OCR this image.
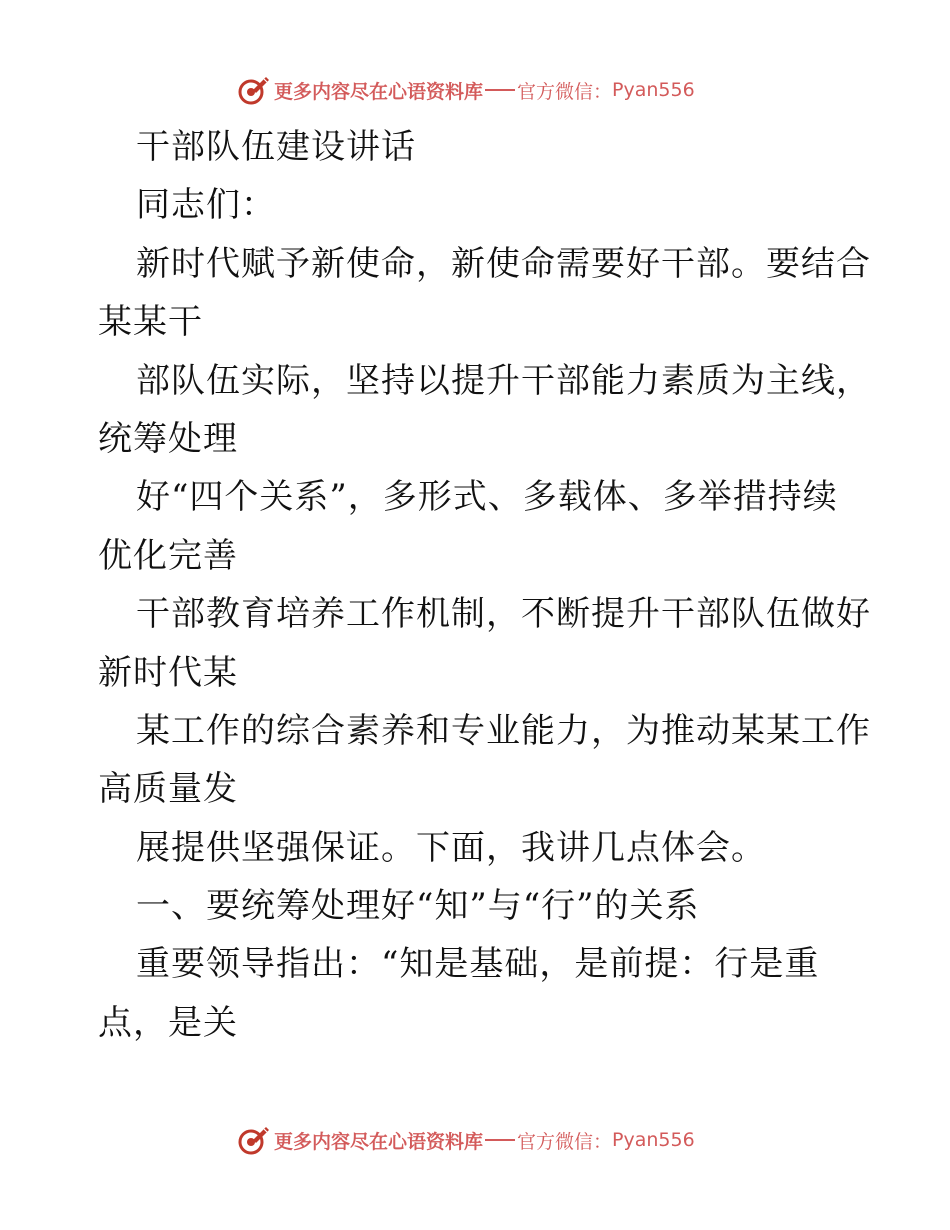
更多内容尽在心语资料库 官方微信： Pyan556
干部队伍建设讲话
同志们：
新时代赋予新使命，新使命需要好干部。要结合
某某干
部队伍实际，坚持以提升干部能力素质为主线，
统筹处理
好“四个关系”，多形式、多载体、多举措持续
优化完善
干部教育培养工作机制，不断提升干部队伍做好
新时代某
某工作的综合素养和专业能力，为推动某某工作
高质量发
展提供坚强保证。下面，我讲几点体会。
一、要统筹处理好“知”与“行”的关系
重要领导指出：“知是基础，是前提：行是重
点，是关
更多内容尽在心语资料库 官方微信： Pyan556
